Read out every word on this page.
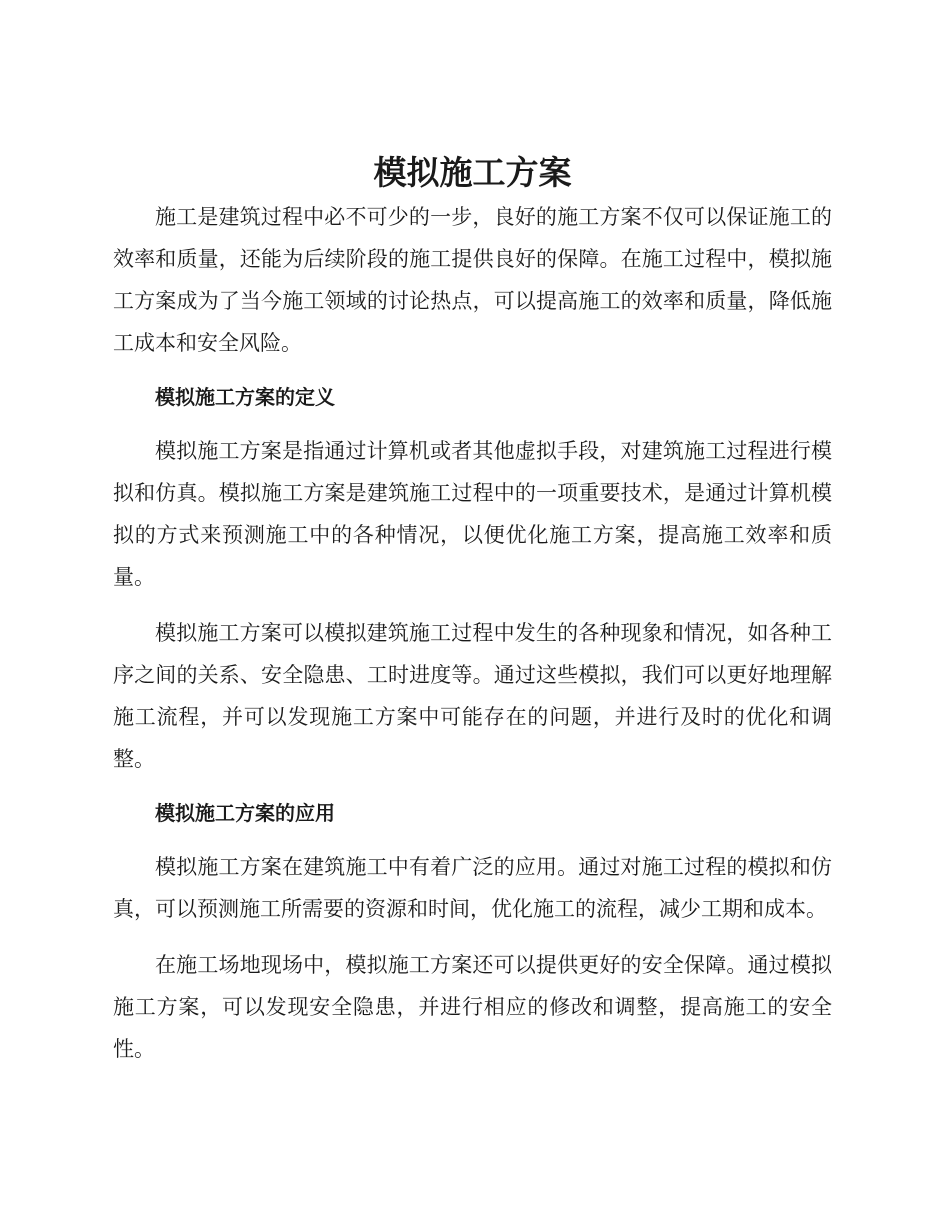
模拟施工方案

施工是建筑过程中必不可少的一步，良好的施工方案不仅可以保证施工的效率和质量，还能为后续阶段的施工提供良好的保障。在施工过程中，模拟施工方案成为了当今施工领域的讨论热点，可以提高施工的效率和质量，降低施工成本和安全风险。

模拟施工方案的定义

模拟施工方案是指通过计算机或者其他虚拟手段，对建筑施工过程进行模拟和仿真。模拟施工方案是建筑施工过程中的一项重要技术，是通过计算机模拟的方式来预测施工中的各种情况，以便优化施工方案，提高施工效率和质量。

模拟施工方案可以模拟建筑施工过程中发生的各种现象和情况，如各种工序之间的关系、安全隐患、工时进度等。通过这些模拟，我们可以更好地理解施工流程，并可以发现施工方案中可能存在的问题，并进行及时的优化和调整。

模拟施工方案的应用

模拟施工方案在建筑施工中有着广泛的应用。通过对施工过程的模拟和仿真，可以预测施工所需要的资源和时间，优化施工的流程，减少工期和成本。

在施工场地现场中，模拟施工方案还可以提供更好的安全保障。通过模拟施工方案，可以发现安全隐患，并进行相应的修改和调整，提高施工的安全性。
